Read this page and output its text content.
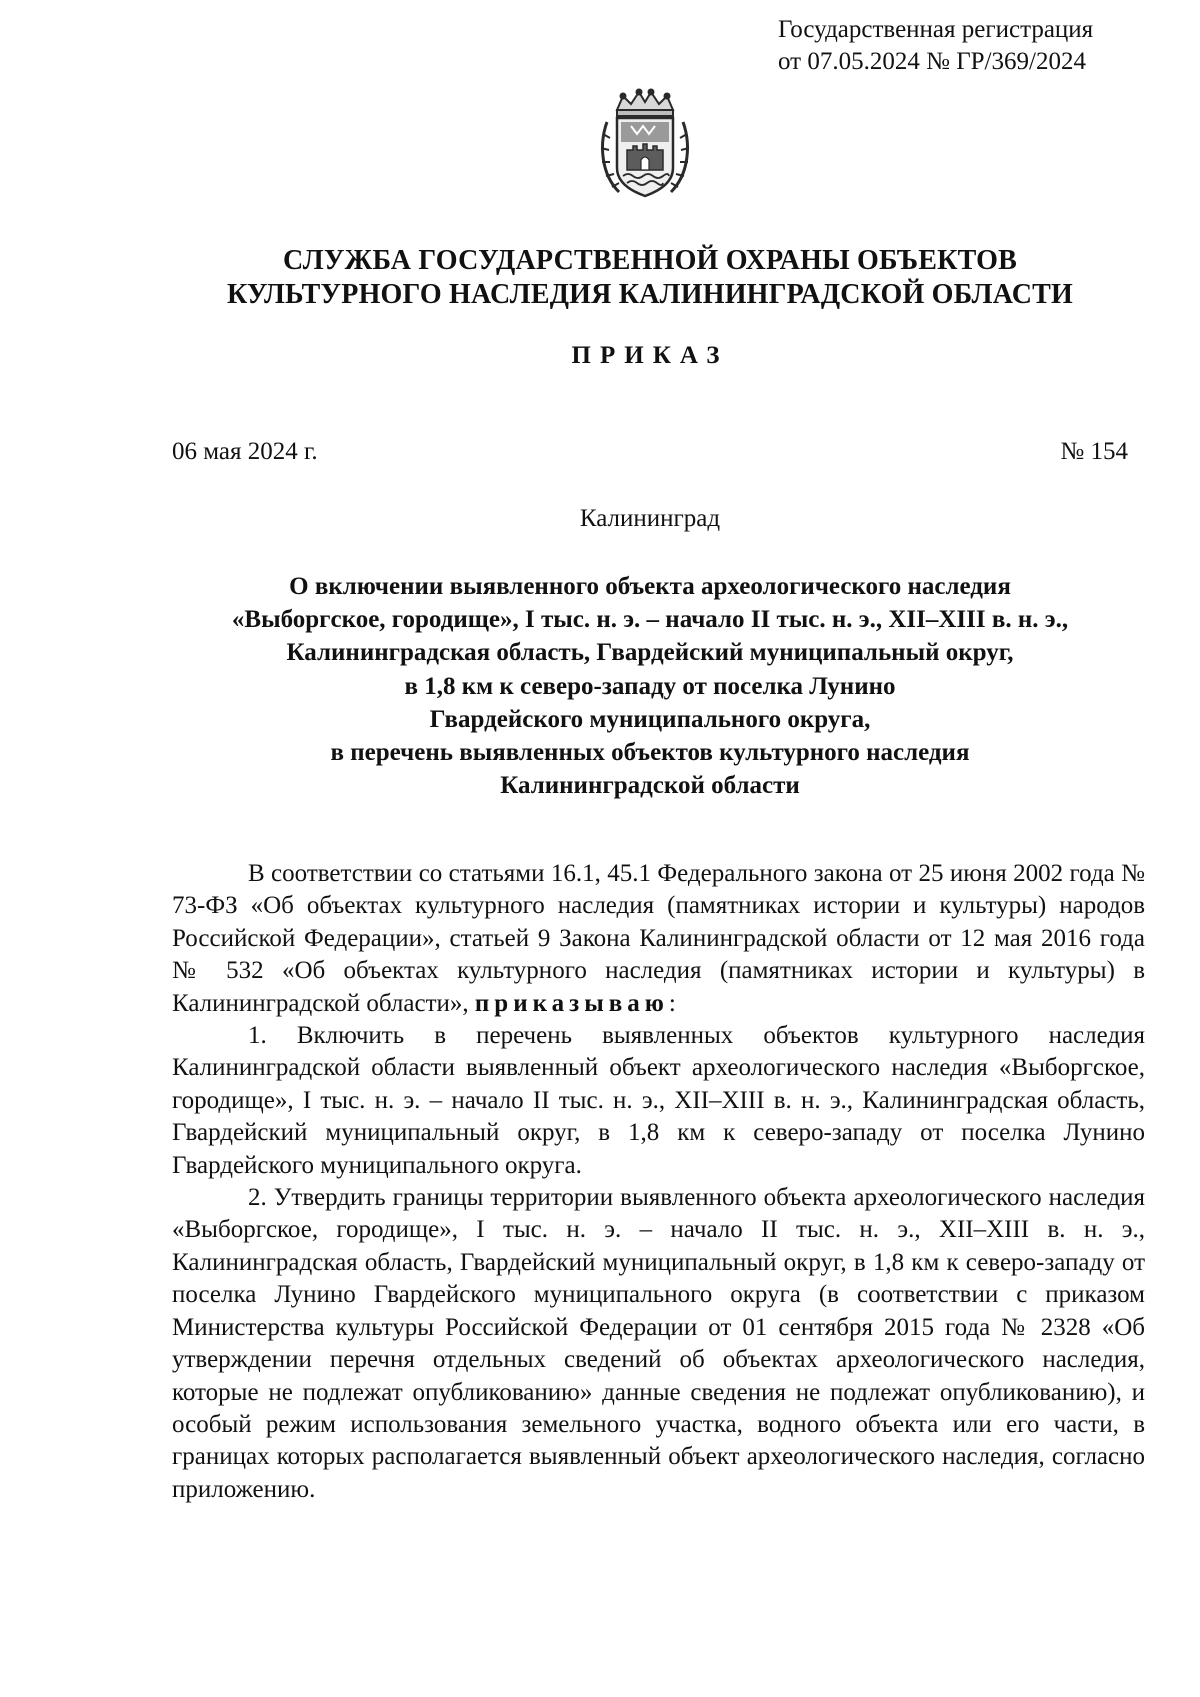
Государственная регистрация
от 07.05.2024 № ГР/369/2024
СЛУЖБА ГОСУДАРСТВЕННОЙ ОХРАНЫ ОБЪЕКТОВ
КУЛЬТУРНОГО НАСЛЕДИЯ КАЛИНИНГРАДСКОЙ ОБЛАСТИ
ПРИКАЗ
06 мая 2024 г.	№ 154
Калининград
О включении выявленного объекта археологического наследия
«Выборгское, городище», I тыс. н. э. – начало II тыс. н. э., XII–XIII в. н. э.,
Калининградская область, Гвардейский муниципальный округ,
в 1,8 км к северо-западу от поселка Лунино
Гвардейского муниципального округа,
в перечень выявленных объектов культурного наследия
Калининградской области

В соответствии со статьями 16.1, 45.1 Федерального закона от 25 июня 2002 года № 73-ФЗ «Об объектах культурного наследия (памятниках истории и культуры) народов Российской Федерации», статьей 9 Закона Калининградской области от 12 мая 2016 года № 532 «Об объектах культурного наследия (памятниках истории и культуры) в Калининградской области», приказываю:

1. Включить в перечень выявленных объектов культурного наследия Калининградской области выявленный объект археологического наследия «Выборгское, городище», I тыс. н. э. – начало II тыс. н. э., XII–XIII в. н. э., Калининградская область, Гвардейский муниципальный округ, в 1,8 км к северо-западу от поселка Лунино Гвардейского муниципального округа.

2. Утвердить границы территории выявленного объекта археологического наследия «Выборгское, городище», I тыс. н. э. – начало II тыс. н. э., XII–XIII в. н. э., Калининградская область, Гвардейский муниципальный округ, в 1,8 км к северо-западу от поселка Лунино Гвардейского муниципального округа (в соответствии с приказом Министерства культуры Российской Федерации от 01 сентября 2015 года № 2328 «Об утверждении перечня отдельных сведений об объектах археологического наследия, которые не подлежат опубликованию» данные сведения не подлежат опубликованию), и особый режим использования земельного участка, водного объекта или его части, в границах которых располагается выявленный объект археологического наследия, согласно приложению.
